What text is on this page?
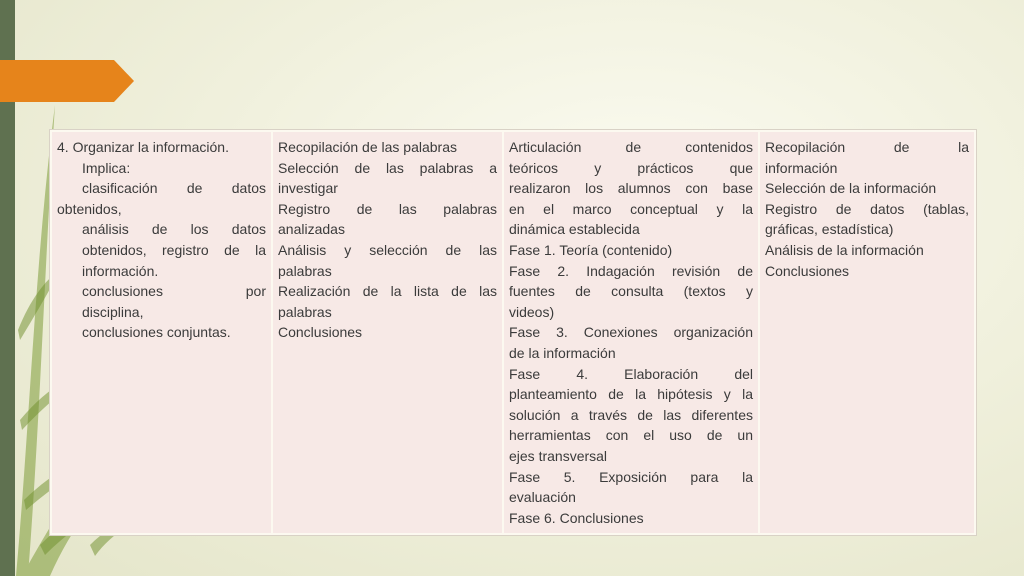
4. Organizar la información.
Implica:
clasificación de datos
obtenidos,
análisis de los datos
obtenidos, registro de la
información.
conclusiones por
disciplina,
conclusiones conjuntas.

Recopilación de las palabras
Selección de las palabras a
investigar
Registro de las palabras
analizadas
Análisis y selección de las
palabras
Realización de la lista de las
palabras
Conclusiones

Articulación de contenidos
teóricos y prácticos que
realizaron los alumnos con base
en el marco conceptual y la
dinámica establecida
Fase 1. Teoría (contenido)
Fase 2. Indagación revisión de
fuentes de consulta (textos y
videos)
Fase 3. Conexiones organización
de la información
Fase 4. Elaboración del
planteamiento de la hipótesis y la
solución a través de las diferentes
herramientas con el uso de un
ejes transversal
Fase 5. Exposición para la
evaluación
Fase 6. Conclusiones

Recopilación de la
información
Selección de la información
Registro de datos (tablas,
gráficas, estadística)
Análisis de la información
Conclusiones
